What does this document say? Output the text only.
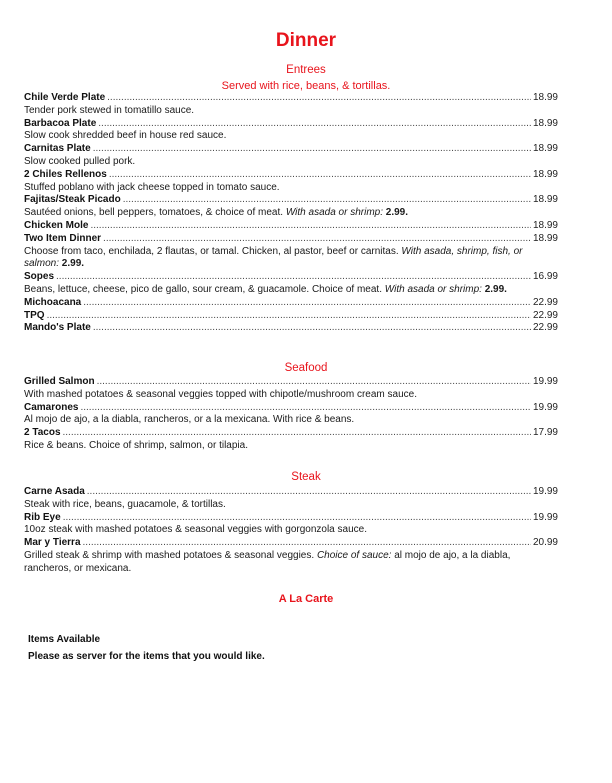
Dinner
Entrees
Served with rice, beans, & tortillas.
Chile Verde Plate .....	18.99
Tender pork stewed in tomatillo sauce.
Barbacoa Plate .....	18.99
Slow cook shredded beef in house red sauce.
Carnitas Plate .....	18.99
Slow cooked pulled pork.
2 Chiles Rellenos .....	18.99
Stuffed poblano with jack cheese topped in tomato sauce.
Fajitas/Steak Picado .....	18.99
Sautéed onions, bell peppers, tomatoes, & choice of meat. With asada or shrimp: 2.99.
Chicken Mole .....	18.99
Two Item Dinner .....	18.99
Choose from taco, enchilada, 2 flautas, or tamal. Chicken, al pastor, beef or carnitas. With asada, shrimp, fish, or salmon: 2.99.
Sopes .....	16.99
Beans, lettuce, cheese, pico de gallo, sour cream, & guacamole. Choice of meat. With asada or shrimp: 2.99.
Michoacana .....	22.99
TPQ .....	22.99
Mando's Plate .....	22.99
Seafood
Grilled Salmon .....	19.99
With mashed potatoes & seasonal veggies topped with chipotle/mushroom cream sauce.
Camarones .....	19.99
Al mojo de ajo, a la diabla, rancheros, or a la mexicana. With rice & beans.
2 Tacos .....	17.99
Rice & beans. Choice of shrimp, salmon, or tilapia.
Steak
Carne Asada .....	19.99
Steak with rice, beans, guacamole, & tortillas.
Rib Eye .....	19.99
10oz steak with mashed potatoes & seasonal veggies with gorgonzola sauce.
Mar y Tierra .....	20.99
Grilled steak & shrimp with mashed potatoes & seasonal veggies. Choice of sauce: al mojo de ajo, a la diabla, rancheros, or mexicana.
A La Carte
Items Available
Please as server for the items that you would like.
